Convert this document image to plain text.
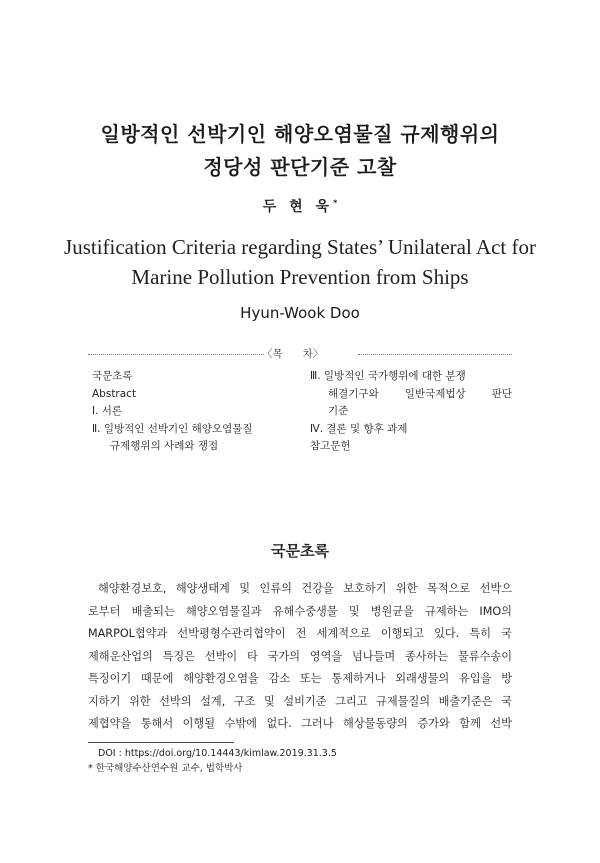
일방적인 선박기인 해양오염물질 규제행위의
정당성 판단기준 고찰
두 현 욱*
Justification Criteria regarding States’ Unilateral Act for
Marine Pollution Prevention from Ships
Hyun-Wook Doo
〈목      차〉
국문초록
Abstract
Ⅰ. 서론
Ⅱ. 일방적인 선박기인 해양오염물질
규제행위의 사례와 쟁점
Ⅲ. 일방적인 국가행위에 대한 분쟁
해결기구와 일반국제법상 판단
기준
Ⅳ. 결론 및 향후 과제
참고문헌
국문초록
해양환경보호, 해양생태계 및 인류의 건강을 보호하기 위한 목적으로 선박으
로부터 배출되는 해양오염물질과 유해수중생물 및 병원균을 규제하는 IMO의
MARPOL협약과 선박평형수관리협약이 전 세계적으로 이행되고 있다. 특히 국
제해운산업의 특징은 선박이 타 국가의 영역을 넘나들며 종사하는 물류수송이
특징이기 때문에 해양환경오염을 감소 또는 통제하거나 외래생물의 유입을 방
지하기 위한 선박의 설계, 구조 및 설비기준 그리고 규제물질의 배출기준은 국
제협약을 통해서 이행될 수밖에 없다. 그러나 해상물동량의 증가와 함께 선박
DOI : https://doi.org/10.14443/kimlaw.2019.31.3.5
* 한국해양수산연수원 교수, 법학박사
